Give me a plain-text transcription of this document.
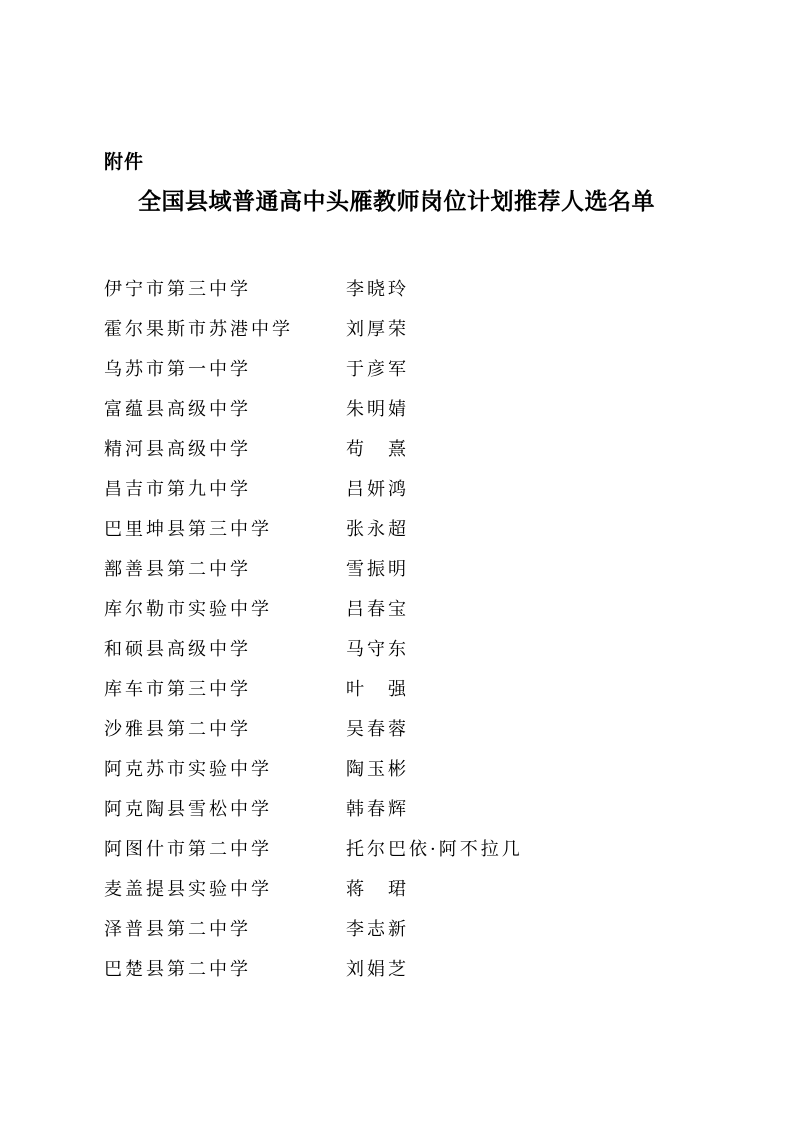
附件
全国县域普通高中头雁教师岗位计划推荐人选名单
伊宁市第三中学	李晓玲
霍尔果斯市苏港中学	刘厚荣
乌苏市第一中学	于彦军
富蕴县高级中学	朱明婧
精河县高级中学	苟　熹
昌吉市第九中学	吕妍鸿
巴里坤县第三中学	张永超
鄯善县第二中学	雪振明
库尔勒市实验中学	吕春宝
和硕县高级中学	马守东
库车市第三中学	叶　强
沙雅县第二中学	吴春蓉
阿克苏市实验中学	陶玉彬
阿克陶县雪松中学	韩春辉
阿图什市第二中学	托尔巴依·阿不拉几
麦盖提县实验中学	蒋　珺
泽普县第二中学	李志新
巴楚县第二中学	刘娟芝
